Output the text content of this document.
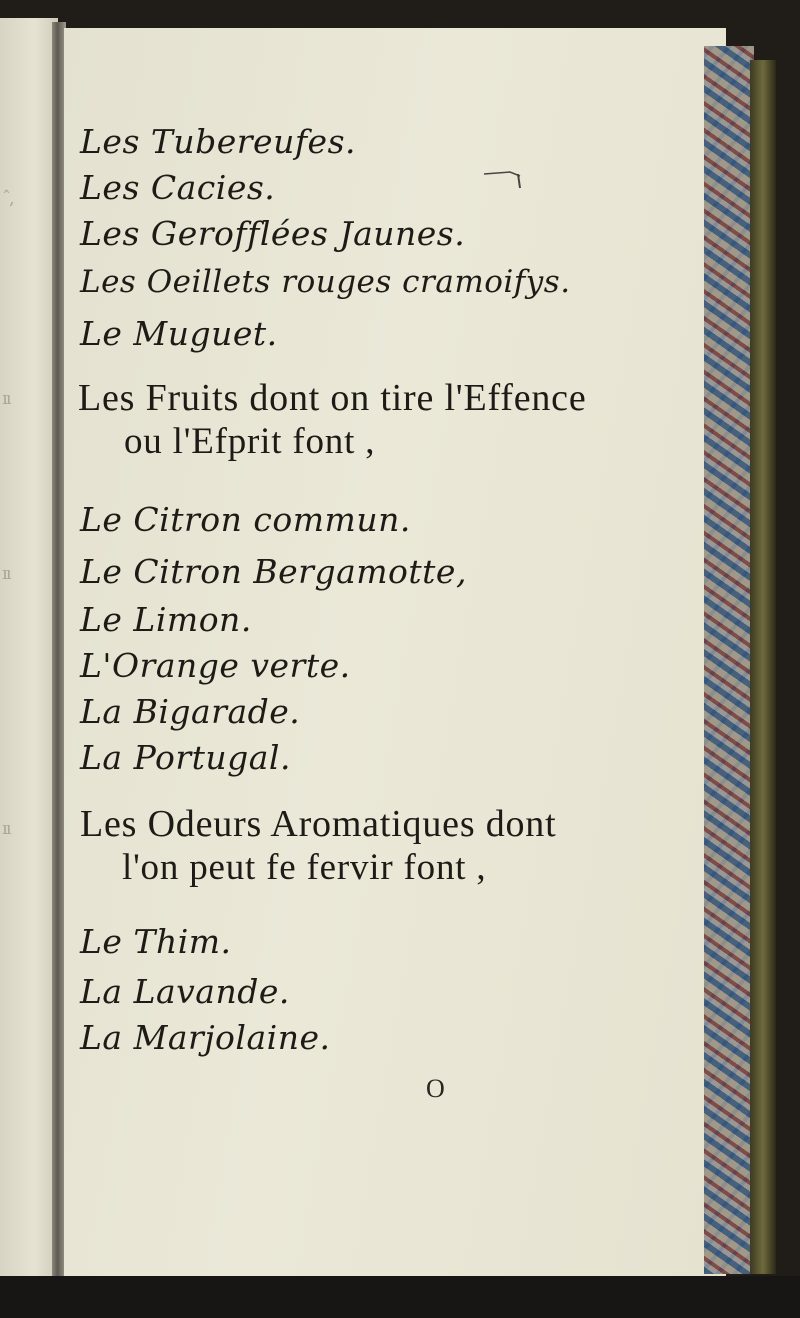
ˆ,
ıı
ıı
ıı
Les Tubereufes.
Les Cacies.
Les Gerofflées Jaunes.
Les Oeillets rouges cramoifys.
Le Muguet.
Les Fruits dont on tire l'Effence
ou l'Efprit font ,
Le Citron commun.
Le Citron Bergamotte,
Le Limon.
L'Orange verte.
La Bigarade.
La Portugal.
Les Odeurs Aromatiques dont
l'on peut fe fervir font ,
Le Thim.
La Lavande.
La Marjolaine.
O
